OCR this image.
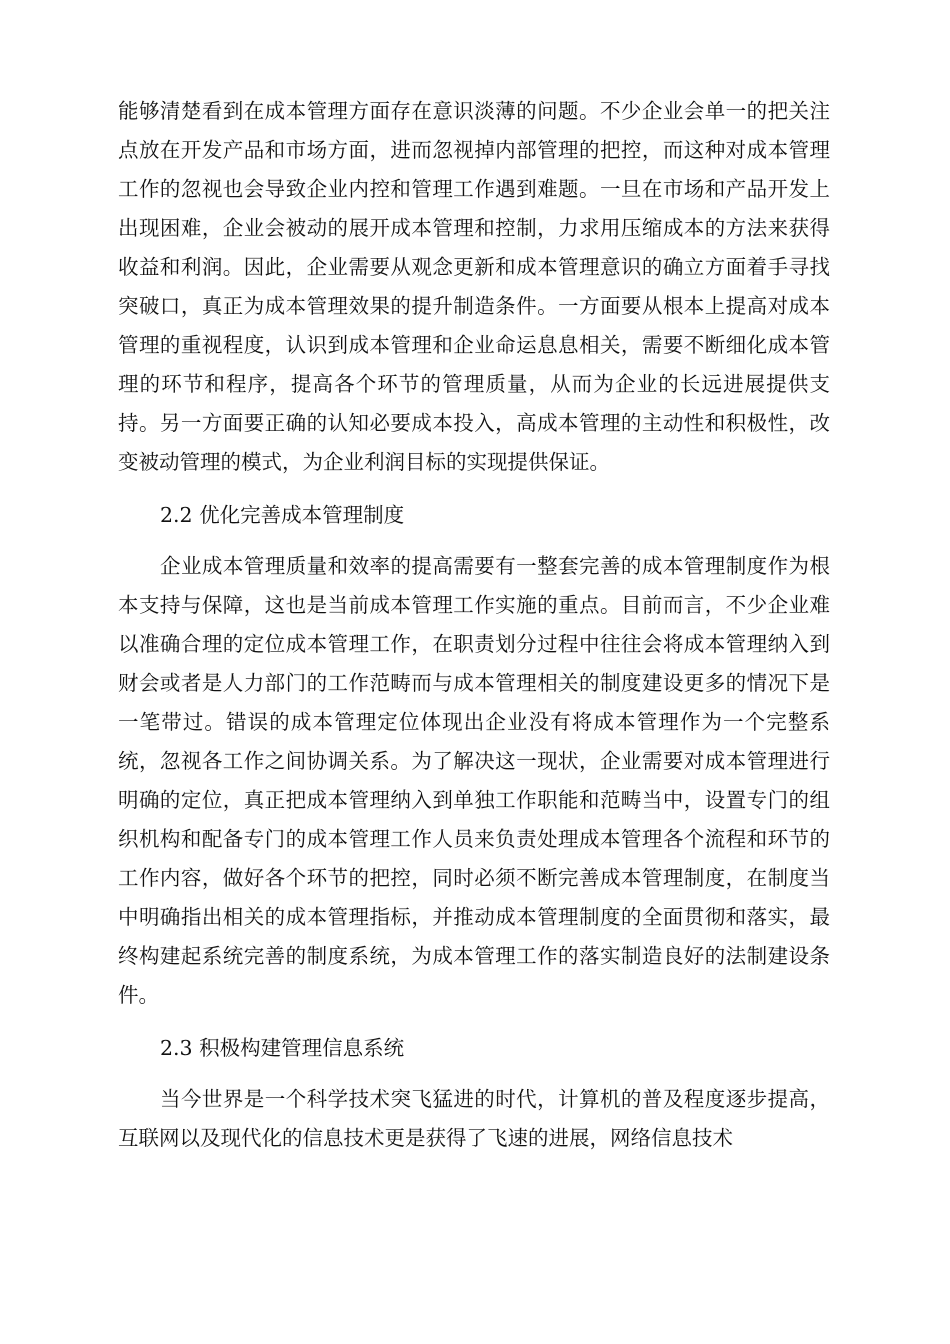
能够清楚看到在成本管理方面存在意识淡薄的问题。不少企业会单一的把关注点放在开发产品和市场方面，进而忽视掉内部管理的把控，而这种对成本管理工作的忽视也会导致企业内控和管理工作遇到难题。一旦在市场和产品开发上出现困难，企业会被动的展开成本管理和控制，力求用压缩成本的方法来获得收益和利润。因此，企业需要从观念更新和成本管理意识的确立方面着手寻找突破口，真正为成本管理效果的提升制造条件。一方面要从根本上提高对成本管理的重视程度，认识到成本管理和企业命运息息相关，需要不断细化成本管理的环节和程序，提高各个环节的管理质量，从而为企业的长远进展提供支持。另一方面要正确的认知必要成本投入，高成本管理的主动性和积极性，改变被动管理的模式，为企业利润目标的实现提供保证。

2.2 优化完善成本管理制度

企业成本管理质量和效率的提高需要有一整套完善的成本管理制度作为根本支持与保障，这也是当前成本管理工作实施的重点。目前而言，不少企业难以准确合理的定位成本管理工作，在职责划分过程中往往会将成本管理纳入到财会或者是人力部门的工作范畴而与成本管理相关的制度建设更多的情况下是一笔带过。错误的成本管理定位体现出企业没有将成本管理作为一个完整系统，忽视各工作之间协调关系。为了解决这一现状，企业需要对成本管理进行明确的定位，真正把成本管理纳入到单独工作职能和范畴当中，设置专门的组织机构和配备专门的成本管理工作人员来负责处理成本管理各个流程和环节的工作内容，做好各个环节的把控，同时必须不断完善成本管理制度，在制度当中明确指出相关的成本管理指标，并推动成本管理制度的全面贯彻和落实，最终构建起系统完善的制度系统，为成本管理工作的落实制造良好的法制建设条件。

2.3 积极构建管理信息系统

当今世界是一个科学技术突飞猛进的时代，计算机的普及程度逐步提高，互联网以及现代化的信息技术更是获得了飞速的进展，网络信息技术
